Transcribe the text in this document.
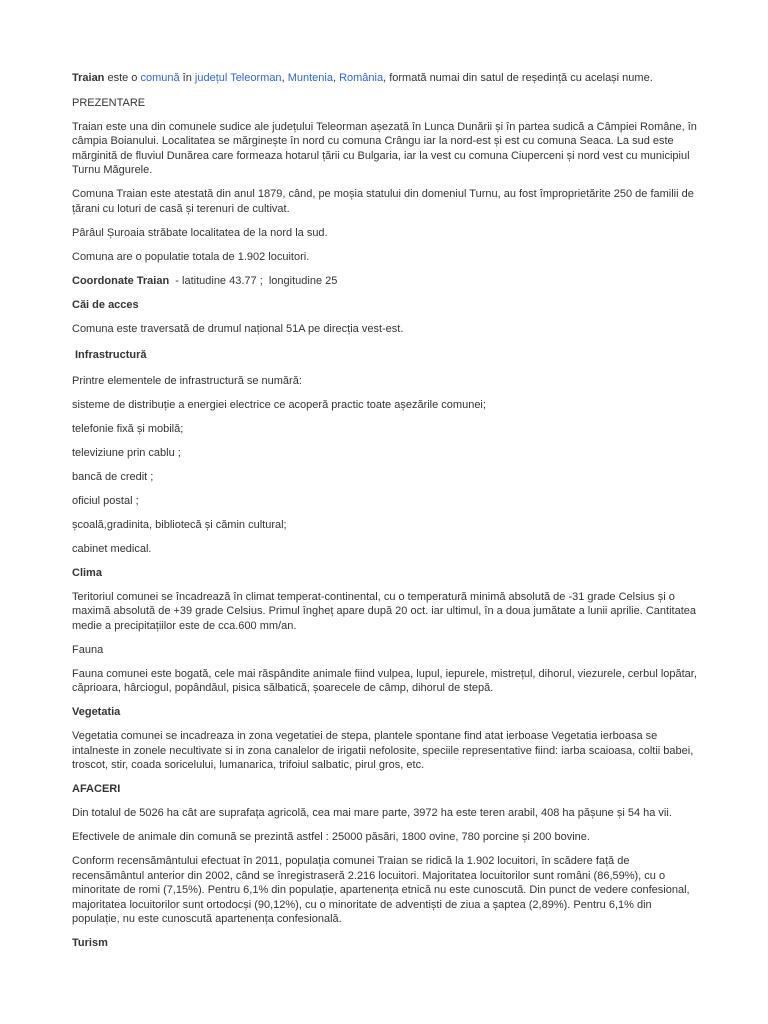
Traian este o comună în județul Teleorman, Muntenia, România, formată numai din satul de reședință cu același nume.

PREZENTARE

Traian este una din comunele sudice ale județului Teleorman așezată în Lunca Dunării și în partea sudică a Câmpiei Române, în câmpia Boianului. Localitatea se mărginește în nord cu comuna Crângu iar la nord-est și est cu comuna Seaca. La sud este mărginită de fluviul Dunărea care formeaza hotarul țării cu Bulgaria, iar la vest cu comuna Ciuperceni și nord vest cu municipiul Turnu Măgurele.

Comuna Traian este atestată din anul 1879, când, pe moșia statului din domeniul Turnu, au fost împroprietărite 250 de familii de țărani cu loturi de casă și terenuri de cultivat.

Pârâul Șuroaia străbate localitatea de la nord la sud.

Comuna are o populatie totala de 1.902 locuitori.

Coordonate Traian  - latitudine 43.77 ;  longitudine 25

Căi de acces

Comuna este traversată de drumul național 51A pe direcția vest-est.

Infrastructură

Printre elementele de infrastructură se numără:

sisteme de distribuție a energiei electrice ce acoperă practic toate așezările comunei;

telefonie fixă și mobilă;

televiziune prin cablu ;

bancă de credit ;

oficiul postal ;

școală,gradinita, bibliotecă și cămin cultural;

cabinet medical.

Clima

Teritoriul comunei se încadrează în climat temperat-continental, cu o temperatură minimă absolută de -31 grade Celsius și o maximă absolută de +39 grade Celsius. Primul îngheț apare după 20 oct. iar ultimul, în a doua jumătate a lunii aprilie. Cantitatea medie a precipitațiilor este de cca.600 mm/an.

Fauna

Fauna comunei este bogată, cele mai răspândite animale fiind vulpea, lupul, iepurele, mistrețul, dihorul, viezurele, cerbul lopătar, căprioara, hârciogul, popândăul, pisica sălbatică, șoarecele de câmp, dihorul de stepă.

Vegetatia

Vegetatia comunei se incadreaza in zona vegetatiei de stepa, plantele spontane find atat ierboase Vegetatia ierboasa se intalneste in zonele necultivate si in zona canalelor de irigatii nefolosite, speciile representative fiind: iarba scaioasa, coltii babei, troscot, stir, coada soricelului, lumanarica, trifoiul salbatic, pirul gros, etc.

AFACERI

Din totalul de 5026 ha cât are suprafața agricolă, cea mai mare parte, 3972 ha este teren arabil, 408 ha pășune și 54 ha vii.

Efectivele de animale din comună se prezintă astfel : 25000 păsări, 1800 ovine, 780 porcine și 200 bovine.

Conform recensământului efectuat în 2011, populația comunei Traian se ridică la 1.902 locuitori, în scădere față de recensământul anterior din 2002, când se înregistraseră 2.216 locuitori. Majoritatea locuitorilor sunt români (86,59%), cu o minoritate de romi (7,15%). Pentru 6,1% din populație, apartenența etnică nu este cunoscută. Din punct de vedere confesional, majoritatea locuitorilor sunt ortodocși (90,12%), cu o minoritate de adventiști de ziua a șaptea (2,89%). Pentru 6,1% din populație, nu este cunoscută apartenența confesională.

Turism
